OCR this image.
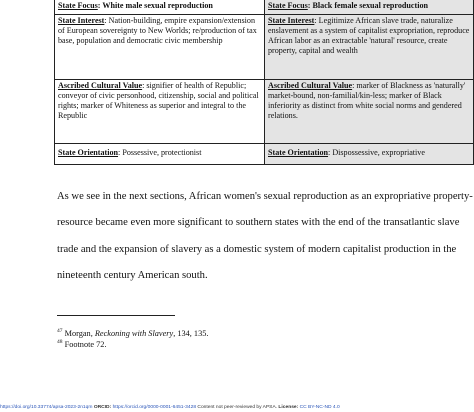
State Focus: White male sexual reproduction	State Focus: Black female sexual reproduction
State Interest: Nation-building, empire expansion/extension of European sovereignty to New Worlds; re/production of tax base, population and democratic civic membership
State Interest: Legitimize African slave trade, naturalize enslavement as a system of capitalist expropriation, reproduce African labor as an extractable 'natural' resource, create property, capital and wealth
Ascribed Cultural Value: signifier of health of Republic; conveyor of civic personhood, citizenship, social and political rights; marker of Whiteness as superior and integral to the Republic
Ascribed Cultural Value: marker of Blackness as 'naturally' market-bound, non-familial/kin-less; marker of Black inferiority as distinct from white social norms and gendered relations.
State Orientation: Possessive, protectionist	State Orientation: Dispossessive, expropriative

As we see in the next sections, African women's sexual reproduction as an expropriative property-resource became even more significant to southern states with the end of the transatlantic slave trade and the expansion of slavery as a domestic system of modern capitalist production in the nineteenth century American south.

$^{47}$ Morgan, Reckoning with Slavery, 134, 135.
$^{48}$ Footnote 72.
https://doi.org/10.33774/apsa-2023-2n1qm ORCID: https://orcid.org/0000-0001-6451-3428 Content not peer-reviewed by APSA. License: CC BY-NC-ND 4.0
